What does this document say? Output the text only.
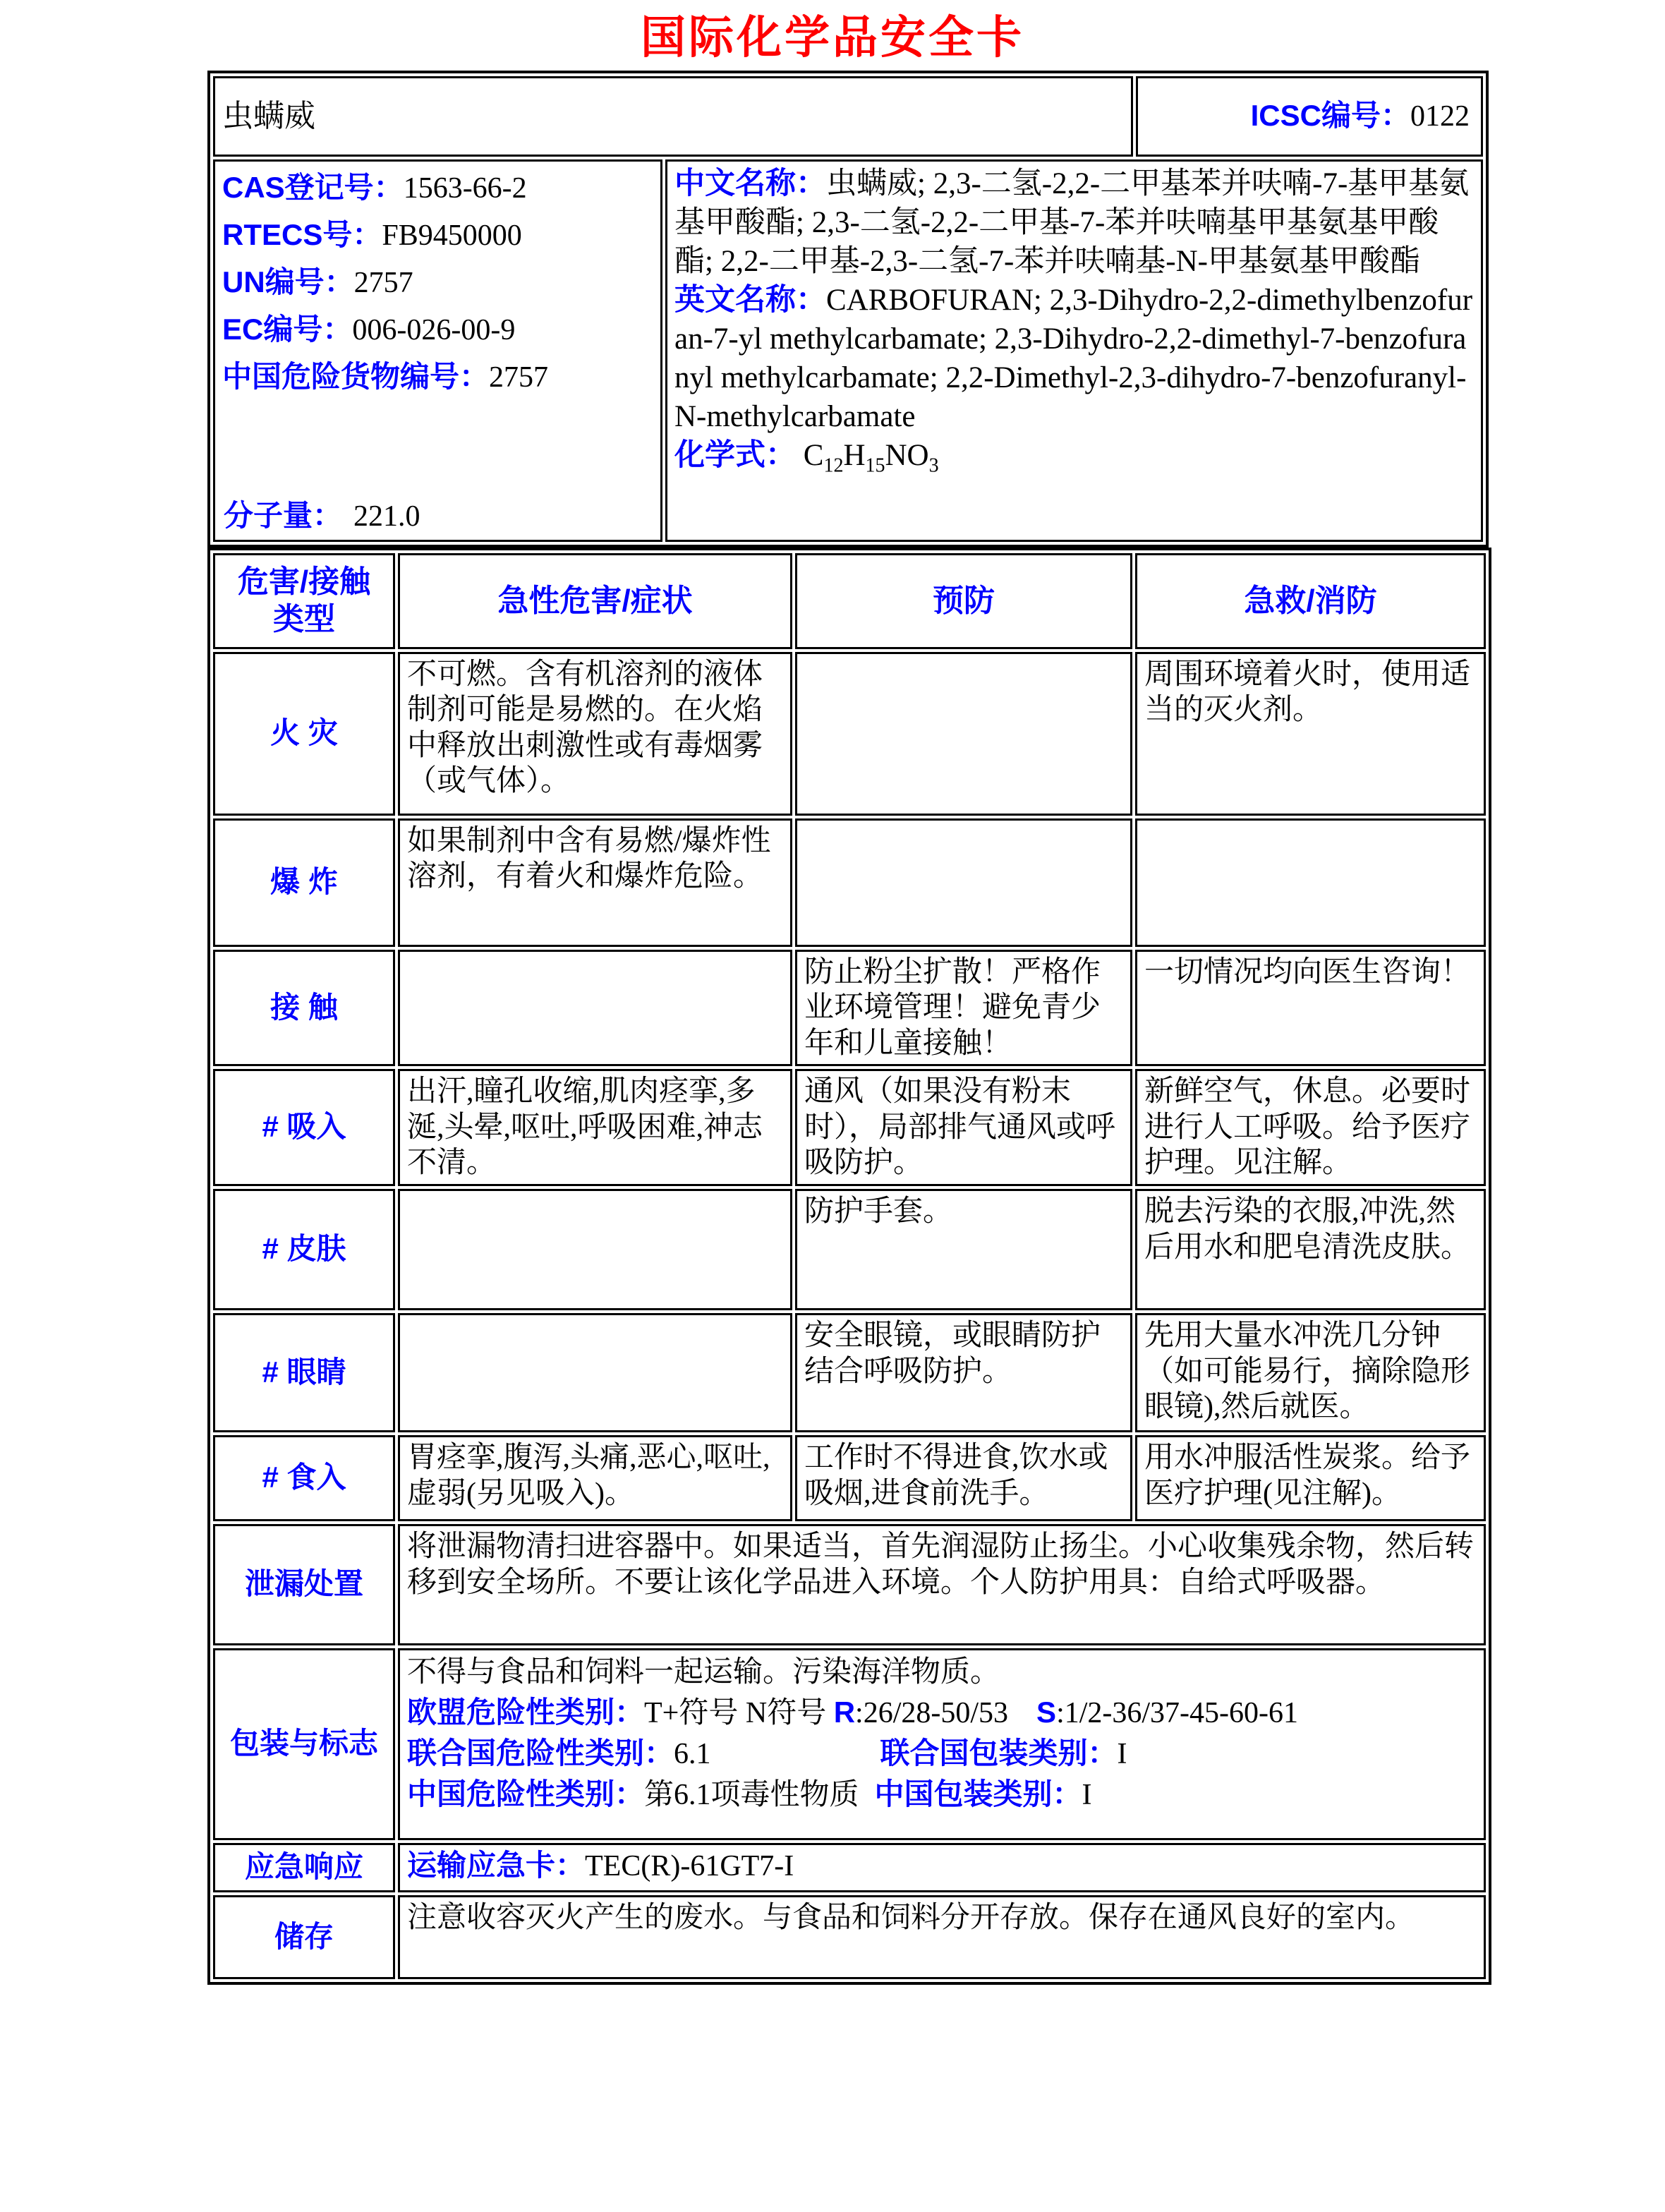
国际化学品安全卡
虫螨威		ICSC编号：0122

CAS登记号：1563-66-2
RTECS号：FB9450000
UN编号：2757
EC编号：006-026-00-9
中国危险货物编号：2757
分子量： 221.0

中文名称：虫螨威; 2,3-二氢-2,2-二甲基苯并呋喃-7-基甲基氨基甲酸酯; 2,3-二氢-2,2-二甲基-7-苯并呋喃基甲基氨基甲酸酯; 2,2-二甲基-2,3-二氢-7-苯并呋喃基-N-甲基氨基甲酸酯
英文名称：CARBOFURAN; 2,3-Dihydro-2,2-dimethylbenzofuran-7-yl methylcarbamate; 2,3-Dihydro-2,2-dimethyl-7-benzofuranyl methylcarbamate; 2,2-Dimethyl-2,3-dihydro-7-benzofuranyl-N-methylcarbamate
化学式： $C_{12}H_{15}NO_3$
危害/接触类型	急性危害/症状	预防	急救/消防
火 灾	不可燃。含有机溶剂的液体制剂可能是易燃的。在火焰中释放出刺激性或有毒烟雾（或气体）。		周围环境着火时，使用适当的灭火剂。
爆 炸	如果制剂中含有易燃/爆炸性溶剂，有着火和爆炸危险。		
接 触		防止粉尘扩散！严格作业环境管理！避免青少年和儿童接触！	一切情况均向医生咨询！
# 吸入	出汗,瞳孔收缩,肌肉痉挛,多涎,头晕,呕吐,呼吸困难,神志不清。	通风（如果没有粉末时），局部排气通风或呼吸防护。	新鲜空气，休息。必要时进行人工呼吸。给予医疗护理。见注解。
# 皮肤		防护手套。	脱去污染的衣服,冲洗,然后用水和肥皂清洗皮肤。
# 眼睛		安全眼镜，或眼睛防护结合呼吸防护。	先用大量水冲洗几分钟（如可能易行，摘除隐形眼镜),然后就医。
# 食入	胃痉挛,腹泻,头痛,恶心,呕吐,虚弱(另见吸入)。	工作时不得进食,饮水或吸烟,进食前洗手。	用水冲服活性炭浆。给予医疗护理(见注解)。
泄漏处置	将泄漏物清扫进容器中。如果适当，首先润湿防止扬尘。小心收集残余物，然后转移到安全场所。不要让该化学品进入环境。个人防护用具：自给式呼吸器。		
包装与标志	不得与食品和饲料一起运输。污染海洋物质。
欧盟危险性类别：T+符号 N符号 R:26/28-50/53 S:1/2-36/37-45-60-61
联合国危险性类别：6.1 联合国包装类别：I
中国危险性类别：第6.1项毒性物质 中国包装类别：I		

应急响应	运输应急卡：TEC(R)-61GT7-I		
储存	注意收容灭火产生的废水。与食品和饲料分开存放。保存在通风良好的室内。		
